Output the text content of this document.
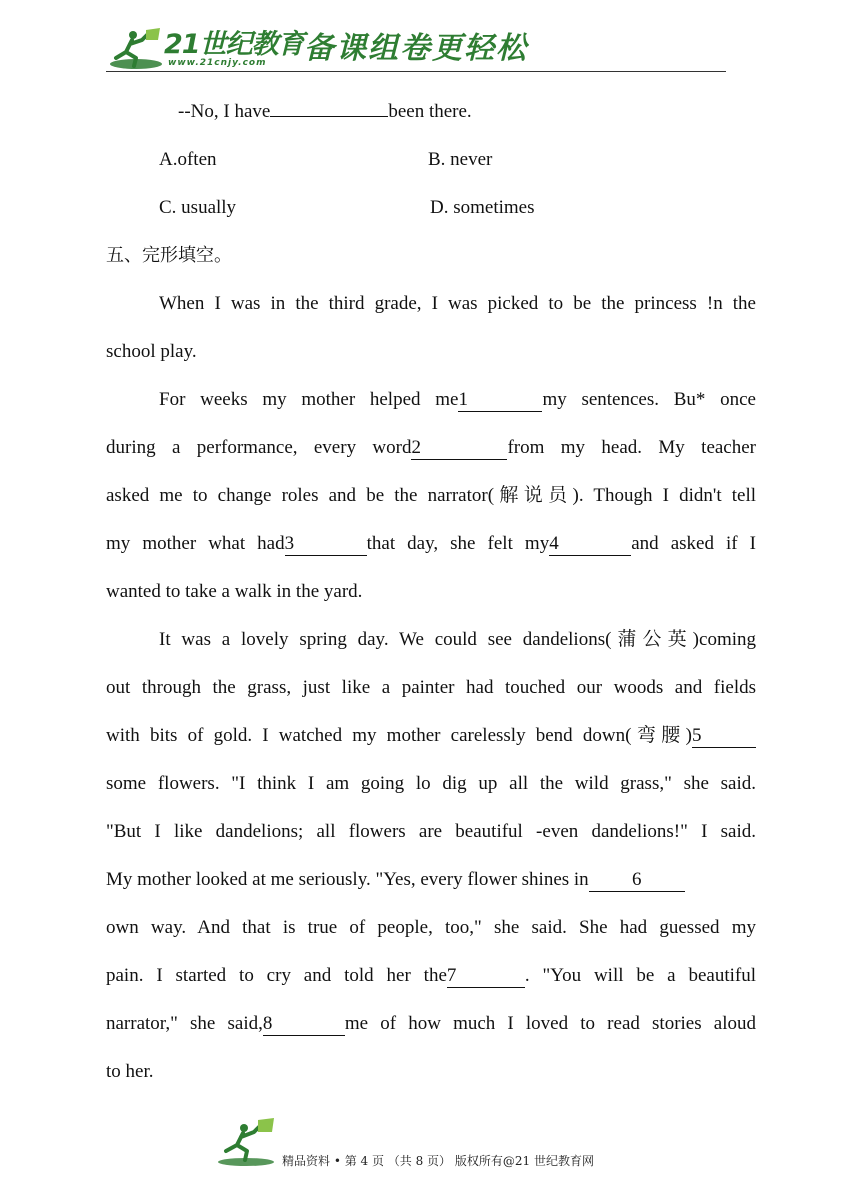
21世纪教育
www.21cnjy.com 备课组卷更轻松
--No, I have	been there.
A.often	B. never
C. usually	D. sometimes
五、完形填空。
When I was in the third grade, I was picked to be the princess !n the
school play.
For weeks my mother helped me1	my sentences. Bu* once
during a performance, every word2	from my head. My teacher
asked me to change roles and be the narrator(解说员). Though I didn't tell
my mother what had3	that day, she felt my4	and asked if I
wanted to take a walk in the yard.
It was a lovely spring day. We could see dandelions(蒲公英)coming
out through the grass, just like a painter had touched our woods and fields
with bits of gold. I watched my mother carelessly bend down(弯腰)5
some flowers. "I think I am going lo dig up all the wild grass," she said.
"But I like dandelions; all flowers are beautiful -even dandelions!" I said.
My mother looked at me seriously. "Yes, every flower shines in 6
own way. And that is true of people, too," she said. She had guessed my
pain. I started to cry and told her the7	. "You will be a beautiful
narrator," she said,8	me of how much I loved to read stories aloud
to her.
精品资料 • 第 4 页 （共 8 页） 版权所有@21 世纪教育网
